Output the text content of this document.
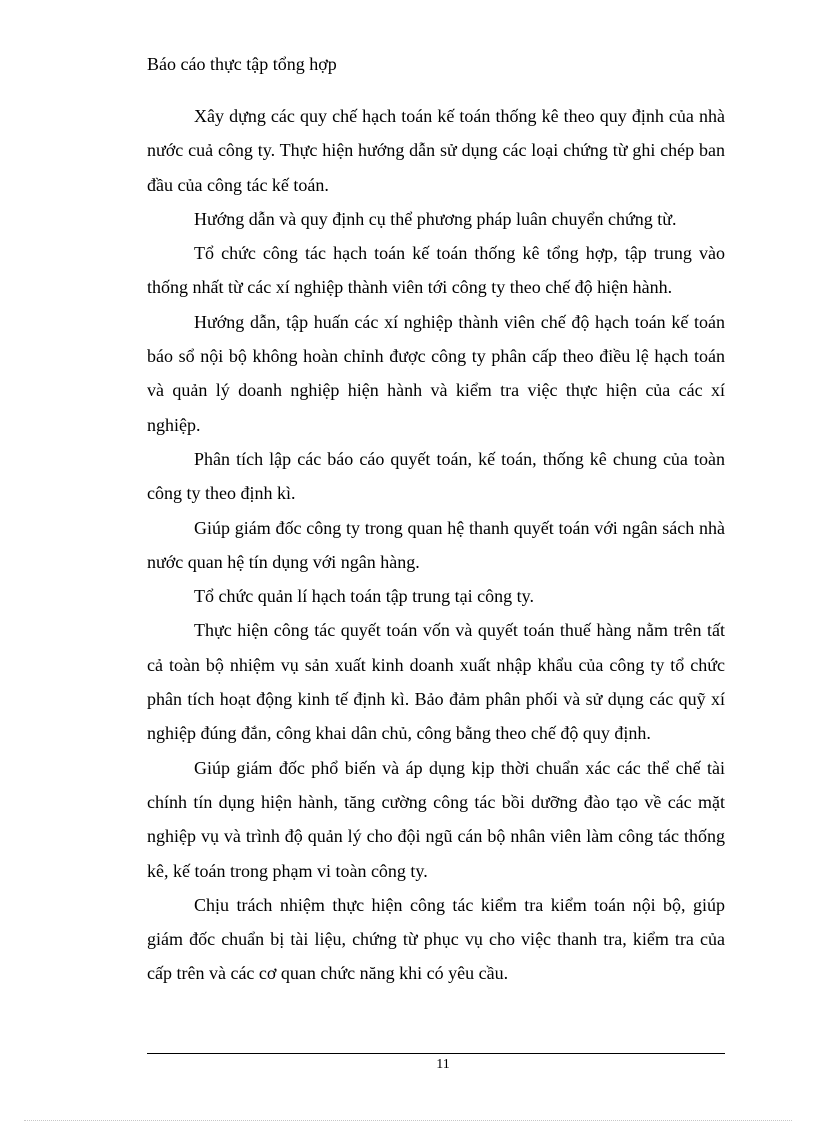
Báo cáo thực tập tổng hợp

Xây dựng các quy chế hạch toán kế toán thống kê theo quy định của nhà nước cuả công ty. Thực hiện hướng dẫn sử dụng các loại chứng từ ghi chép ban đầu của công tác kế toán.

Hướng dẫn và quy định cụ thể phương pháp luân chuyển chứng từ.

Tổ chức công tác hạch toán kế toán thống kê tổng hợp, tập trung vào thống nhất từ các xí nghiệp thành viên tới công ty theo chế độ hiện hành.

Hướng dẫn, tập huấn các xí nghiệp thành viên chế độ hạch toán kế toán báo sổ nội bộ không hoàn chỉnh được công ty phân cấp theo điều lệ hạch toán và quản lý doanh nghiệp hiện hành và kiểm tra việc thực hiện của các xí nghiệp.

Phân tích lập các báo cáo quyết toán, kế toán, thống kê chung của toàn công ty theo định kì.

Giúp giám đốc công ty trong quan hệ thanh quyết toán với ngân sách nhà nước quan hệ tín dụng với ngân hàng.

Tổ chức quản lí hạch toán tập trung tại công ty.

Thực hiện công tác quyết toán vốn và quyết toán thuế hàng nằm trên tất cả toàn bộ nhiệm vụ sản xuất kinh doanh xuất nhập khẩu của công ty tổ chức phân tích hoạt động kinh tế định kì. Bảo đảm phân phối và sử dụng các quỹ xí nghiệp đúng đắn, công khai dân chủ, công bằng theo chế độ quy định.

Giúp giám đốc phổ biến và áp dụng kịp thời chuẩn xác các thể chế tài chính tín dụng hiện hành, tăng cường công tác bồi dưỡng đào tạo về các mặt nghiệp vụ và trình độ quản lý cho đội ngũ cán bộ nhân viên làm công tác thống kê, kế toán trong phạm vi toàn công ty.

Chịu trách nhiệm thực hiện công tác kiểm tra kiểm toán nội bộ, giúp giám đốc chuẩn bị tài liệu, chứng từ phục vụ cho việc thanh tra, kiểm tra của cấp trên và các cơ quan chức năng khi có yêu cầu.

11
